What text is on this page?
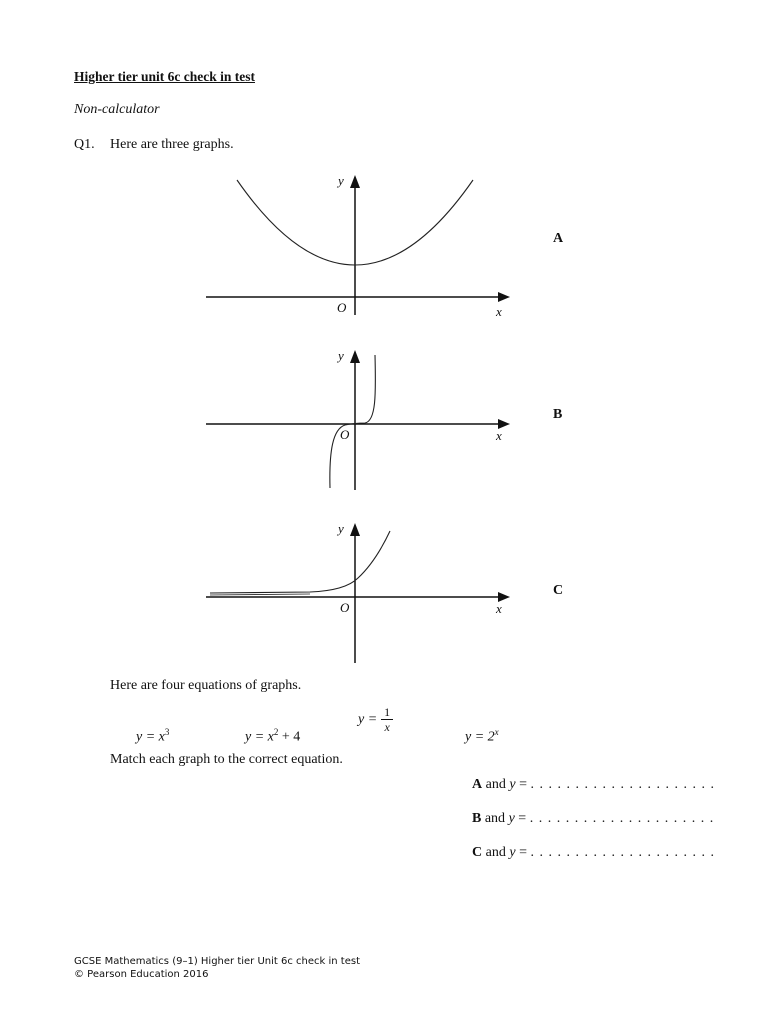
Higher tier unit 6c check in test
Non-calculator
Q1. Here are three graphs.
y
O	x
A
y
O	x
B
y
O	x
C
Here are four equations of graphs.
$y = x^3$	$y = x^2 + 4$
$y = \frac{1}{x}$
$y = 2^x$
Match each graph to the correct equation.
A and y = . . . . . . . . . . . . . . . . . . . . .
B and y = . . . . . . . . . . . . . . . . . . . . .
C and y = . . . . . . . . . . . . . . . . . . . . .
GCSE Mathematics (9–1) Higher tier Unit 6c check in test
© Pearson Education 2016
